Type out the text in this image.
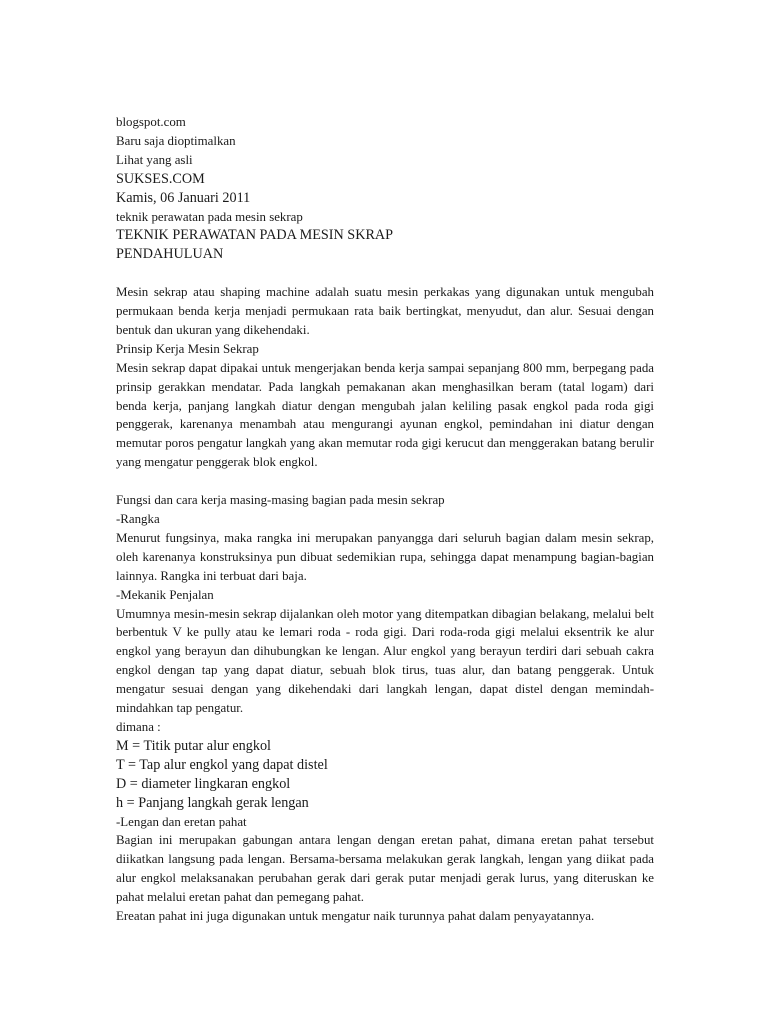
blogspot.com
Baru saja dioptimalkan
Lihat yang asli
SUKSES.COM
Kamis, 06 Januari 2011
teknik perawatan pada mesin sekrap
TEKNIK PERAWATAN PADA MESIN SKRAP
PENDAHULUAN
Mesin sekrap atau shaping machine adalah suatu mesin perkakas yang digunakan untuk mengubah permukaan benda kerja menjadi permukaan rata baik bertingkat, menyudut, dan alur. Sesuai dengan bentuk dan ukuran yang dikehendaki.
Prinsip Kerja Mesin Sekrap
Mesin sekrap dapat dipakai untuk mengerjakan benda kerja sampai sepanjang 800 mm, berpegang pada prinsip gerakkan mendatar. Pada langkah pemakanan akan menghasilkan beram (tatal logam) dari benda kerja, panjang langkah diatur dengan mengubah jalan keliling pasak engkol pada roda gigi penggerak, karenanya menambah atau mengurangi ayunan engkol, pemindahan ini diatur dengan memutar poros pengatur langkah yang akan memutar roda gigi kerucut dan menggerakan batang berulir yang mengatur penggerak blok engkol.
Fungsi dan cara kerja masing-masing bagian pada mesin sekrap
-Rangka
Menurut fungsinya, maka rangka ini merupakan panyangga dari seluruh bagian dalam mesin sekrap, oleh karenanya konstruksinya pun dibuat sedemikian rupa, sehingga dapat menampung bagian-bagian lainnya. Rangka ini terbuat dari baja.
-Mekanik Penjalan
Umumnya mesin-mesin sekrap dijalankan oleh motor yang ditempatkan dibagian belakang, melalui belt berbentuk V ke pully atau ke lemari roda - roda gigi. Dari roda-roda gigi melalui eksentrik ke alur engkol yang berayun dan dihubungkan ke lengan. Alur engkol yang berayun terdiri dari sebuah cakra engkol dengan tap yang dapat diatur, sebuah blok tirus, tuas alur, dan batang penggerak. Untuk mengatur sesuai dengan yang dikehendaki dari langkah lengan, dapat distel dengan memindah-mindahkan tap pengatur.
dimana :
M = Titik putar alur engkol
T = Tap alur engkol yang dapat distel
D = diameter lingkaran engkol
h = Panjang langkah gerak lengan
-Lengan dan eretan pahat
Bagian ini merupakan gabungan antara lengan dengan eretan pahat, dimana eretan pahat tersebut diikatkan langsung pada lengan. Bersama-bersama melakukan gerak langkah, lengan yang diikat pada alur engkol melaksanakan perubahan gerak dari gerak putar menjadi gerak lurus, yang diteruskan ke pahat melalui eretan pahat dan pemegang pahat.
Ereatan pahat ini juga digunakan untuk mengatur naik turunnya pahat dalam penyayatannya.
